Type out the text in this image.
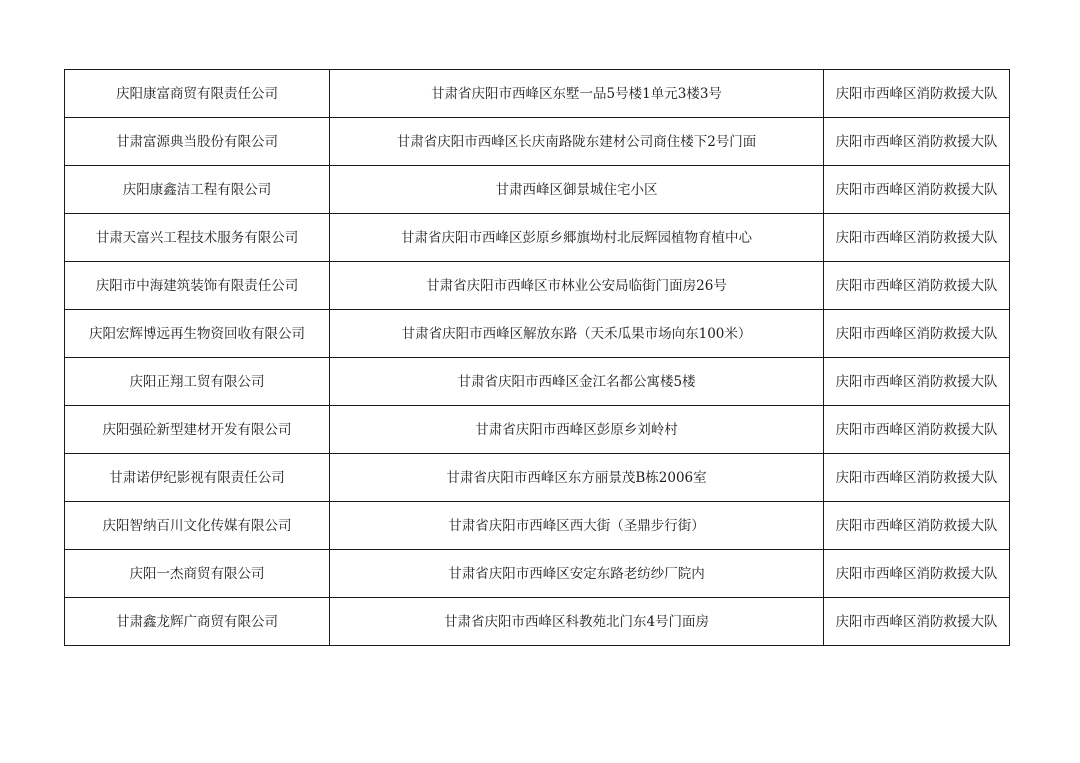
庆阳康富商贸有限责任公司	甘肃省庆阳市西峰区东墅一品5号楼1单元3楼3号	庆阳市西峰区消防救援大队
甘肃富源典当股份有限公司	甘肃省庆阳市西峰区长庆南路陇东建材公司商住楼下2号门面	庆阳市西峰区消防救援大队
庆阳康鑫洁工程有限公司	甘肃西峰区御景城住宅小区	庆阳市西峰区消防救援大队
甘肃天富兴工程技术服务有限公司	甘肃省庆阳市西峰区彭原乡郷旗坳村北辰辉园植物育植中心	庆阳市西峰区消防救援大队
庆阳市中海建筑装饰有限责任公司	甘肃省庆阳市西峰区市林业公安局临街门面房26号	庆阳市西峰区消防救援大队
庆阳宏辉博远再生物资回收有限公司	甘肃省庆阳市西峰区解放东路（天禾瓜果市场向东100米）	庆阳市西峰区消防救援大队
庆阳正翔工贸有限公司	甘肃省庆阳市西峰区金江名都公寓楼5楼	庆阳市西峰区消防救援大队
庆阳强砼新型建材开发有限公司	甘肃省庆阳市西峰区彭原乡刘岭村	庆阳市西峰区消防救援大队
甘肃诺伊纪影视有限责任公司	甘肃省庆阳市西峰区东方丽景茂B栋2006室	庆阳市西峰区消防救援大队
庆阳智纳百川文化传媒有限公司	甘肃省庆阳市西峰区西大街（圣鼎步行街）	庆阳市西峰区消防救援大队
庆阳一杰商贸有限公司	甘肃省庆阳市西峰区安定东路老纺纱厂院内	庆阳市西峰区消防救援大队
甘肃鑫龙辉广商贸有限公司	甘肃省庆阳市西峰区科教苑北门东4号门面房	庆阳市西峰区消防救援大队
